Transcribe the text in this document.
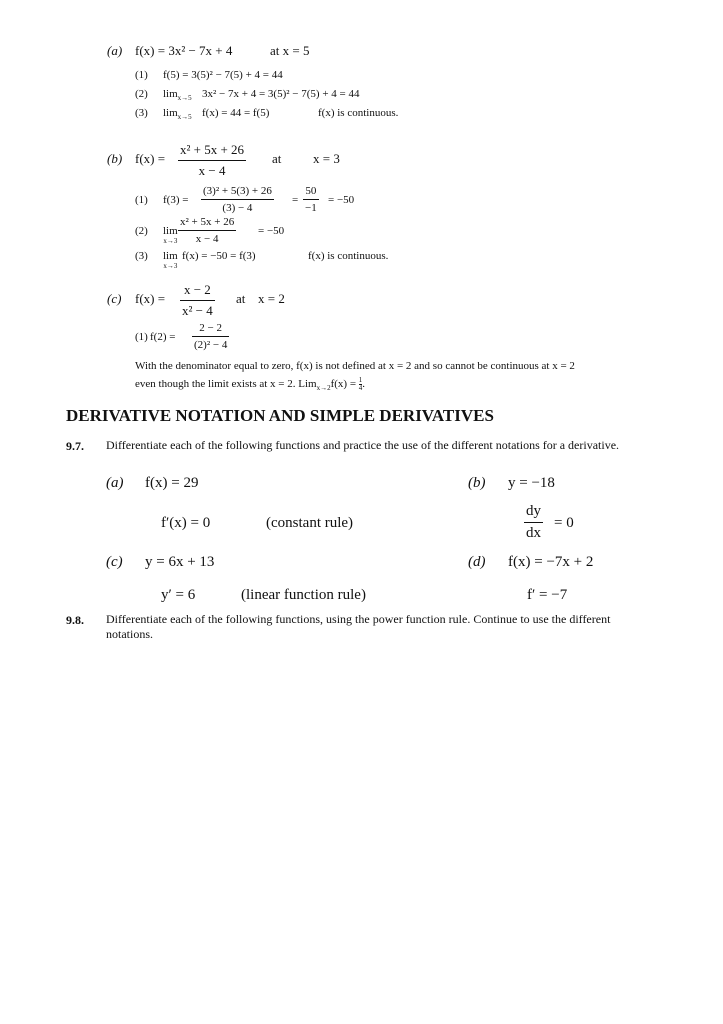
(a) f(x) = 3x² − 7x + 4	at x = 5
(1) f(5) = 3(5)² − 7(5) + 4 = 44
(2) $\lim_{x\to 5} 3x^2 - 7x + 4 = 3(5)^2 - 7(5) + 4 = 44$
(3) $\lim_{x\to 5} f(x) = 44 = f(5)$	f(x) is continuous.
(b) f(x) =
x² + 5x + 26
x − 4
at x = 3
(1) f(3) =
(3)² + 5(3) + 26
(3) − 4
=
50
−1
= −50
(2) lim
x→3
x² + 5x + 26
x − 4
= −50
(3) lim
x→3
f(x) = −50 = f(3)	f(x) is continuous.
(c) f(x) =
x − 2
x² − 4
at x = 2
(1) f(2) =
2 − 2
(2)² − 4
With the denominator equal to zero, f(x) is not defined at x = 2 and so cannot be continuous at x = 2
even though the limit exists at x = 2. $Lim_{x\to 2}f(x) = \frac{1}{4}$.
DERIVATIVE NOTATION AND SIMPLE DERIVATIVES
9.7. Differentiate each of the following functions and practice the use of the different notations for a derivative.
(a) f(x) = 29
f′(x) = 0	(constant rule)
(b) y = −18
dy
dx
= 0
(c) y = 6x + 13
y′ = 6	(linear function rule)
(d) f(x) = −7x + 2
f′ = −7
9.8. Differentiate each of the following functions, using the power function rule. Continue to use the different notations.
